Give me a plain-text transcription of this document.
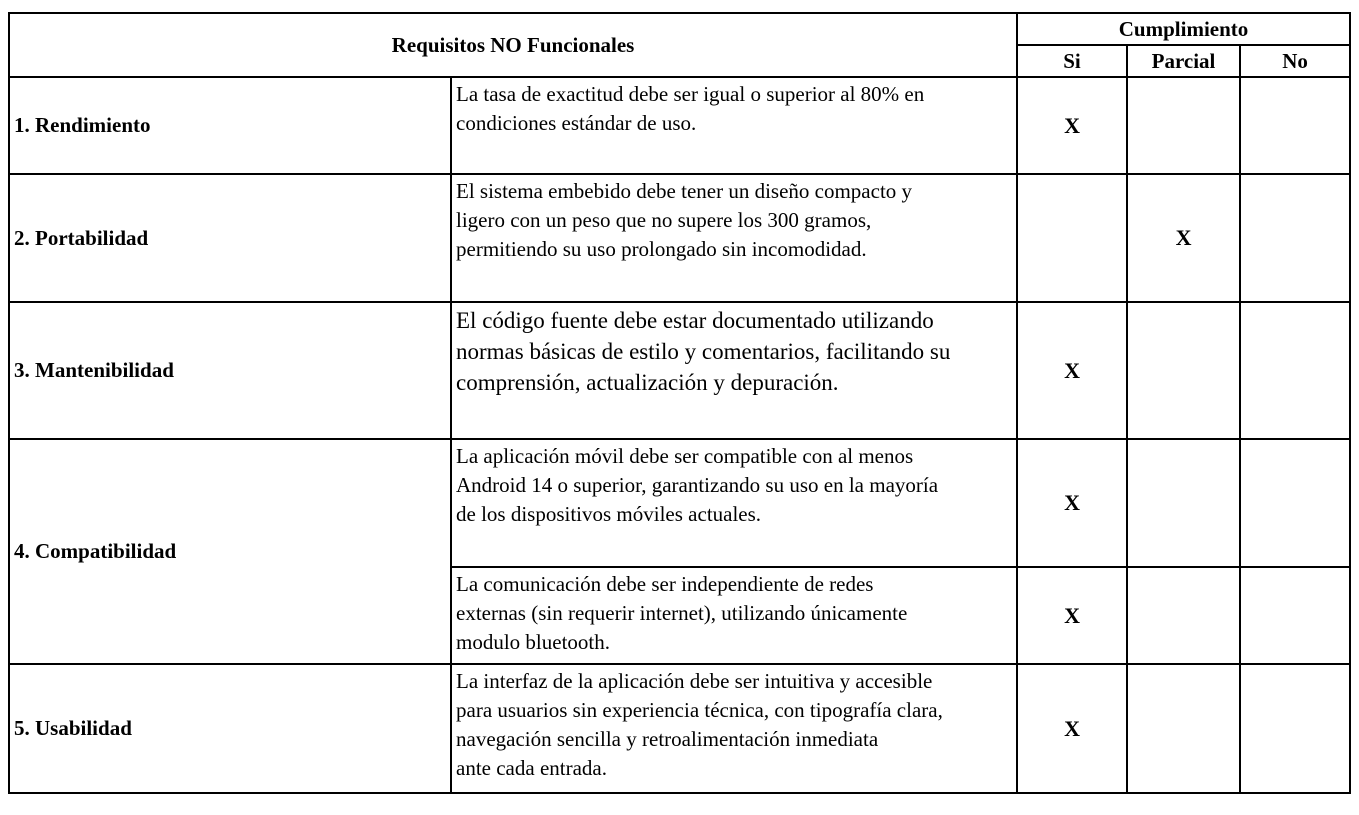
Requisitos NO Funcionales		Cumplimiento		
		Si	Parcial	No
1. Rendimiento	La tasa de exactitud debe ser igual o superior al 80% en
condiciones estándar de uso.	X		
2. Portabilidad	El sistema embebido debe tener un diseño compacto y
ligero con un peso que no supere los 300 gramos,
permitiendo su uso prolongado sin incomodidad.		X	
3. Mantenibilidad	El código fuente debe estar documentado utilizando
normas básicas de estilo y comentarios, facilitando su
comprensión, actualización y depuración.	X		
4. Compatibilidad	La aplicación móvil debe ser compatible con al menos
Android 14 o superior, garantizando su uso en la mayoría
de los dispositivos móviles actuales.	X		

	La comunicación debe ser independiente de redes
externas (sin requerir internet), utilizando únicamente
modulo bluetooth.	X		
5. Usabilidad	La interfaz de la aplicación debe ser intuitiva y accesible
para usuarios sin experiencia técnica, con tipografía clara,
navegación sencilla y retroalimentación inmediata
ante cada entrada.	X		
